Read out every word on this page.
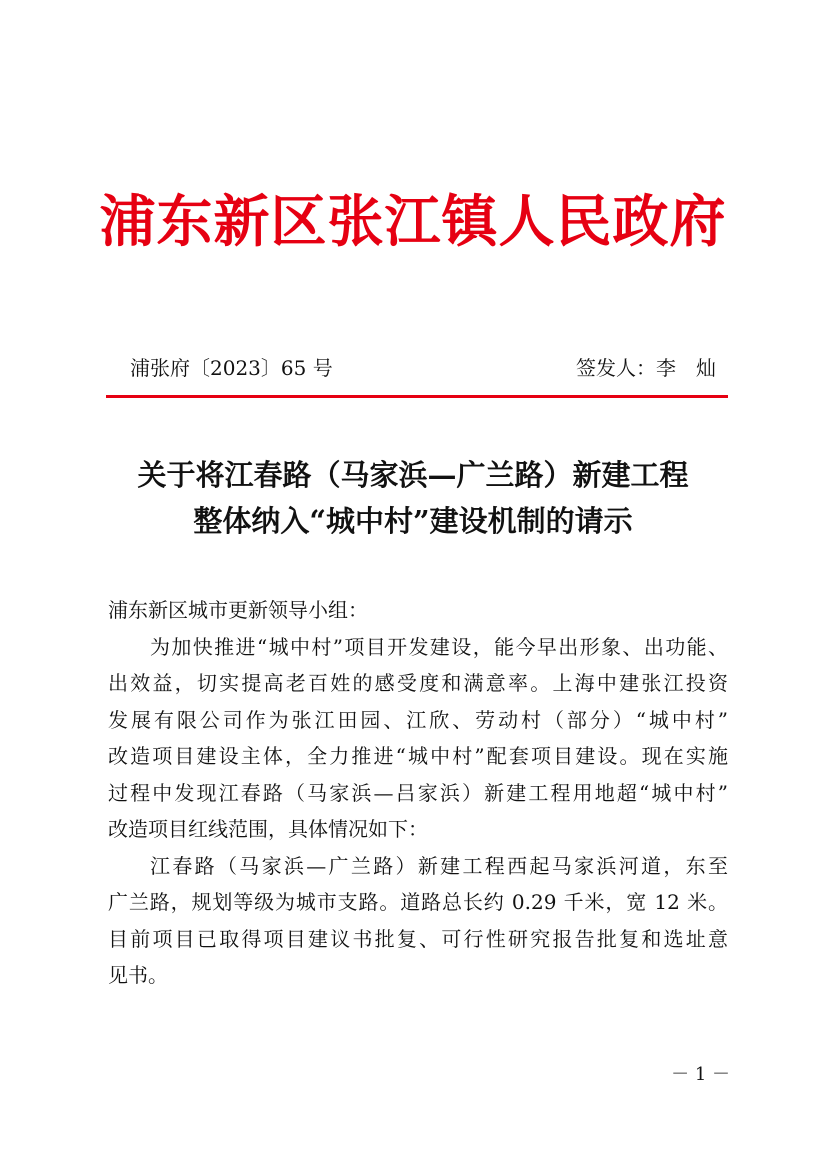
浦东新区张江镇人民政府
浦张府〔2023〕65 号	签发人：李　灿
关于将江春路（马家浜—广兰路）新建工程
整体纳入“城中村”建设机制的请示

浦东新区城市更新领导小组：

为加快推进“城中村”项目开发建设，能今早出形象、出功能、
出效益，切实提高老百姓的感受度和满意率。上海中建张江投资
发展有限公司作为张江田园、江欣、劳动村（部分）“城中村”
改造项目建设主体，全力推进“城中村”配套项目建设。现在实施
过程中发现江春路（马家浜—吕家浜）新建工程用地超“城中村”
改造项目红线范围，具体情况如下：

江春路（马家浜—广兰路）新建工程西起马家浜河道，东至
广兰路，规划等级为城市支路。道路总长约 0.29 千米，宽 12 米。
目前项目已取得项目建议书批复、可行性研究报告批复和选址意
见书。

－ 1 －
